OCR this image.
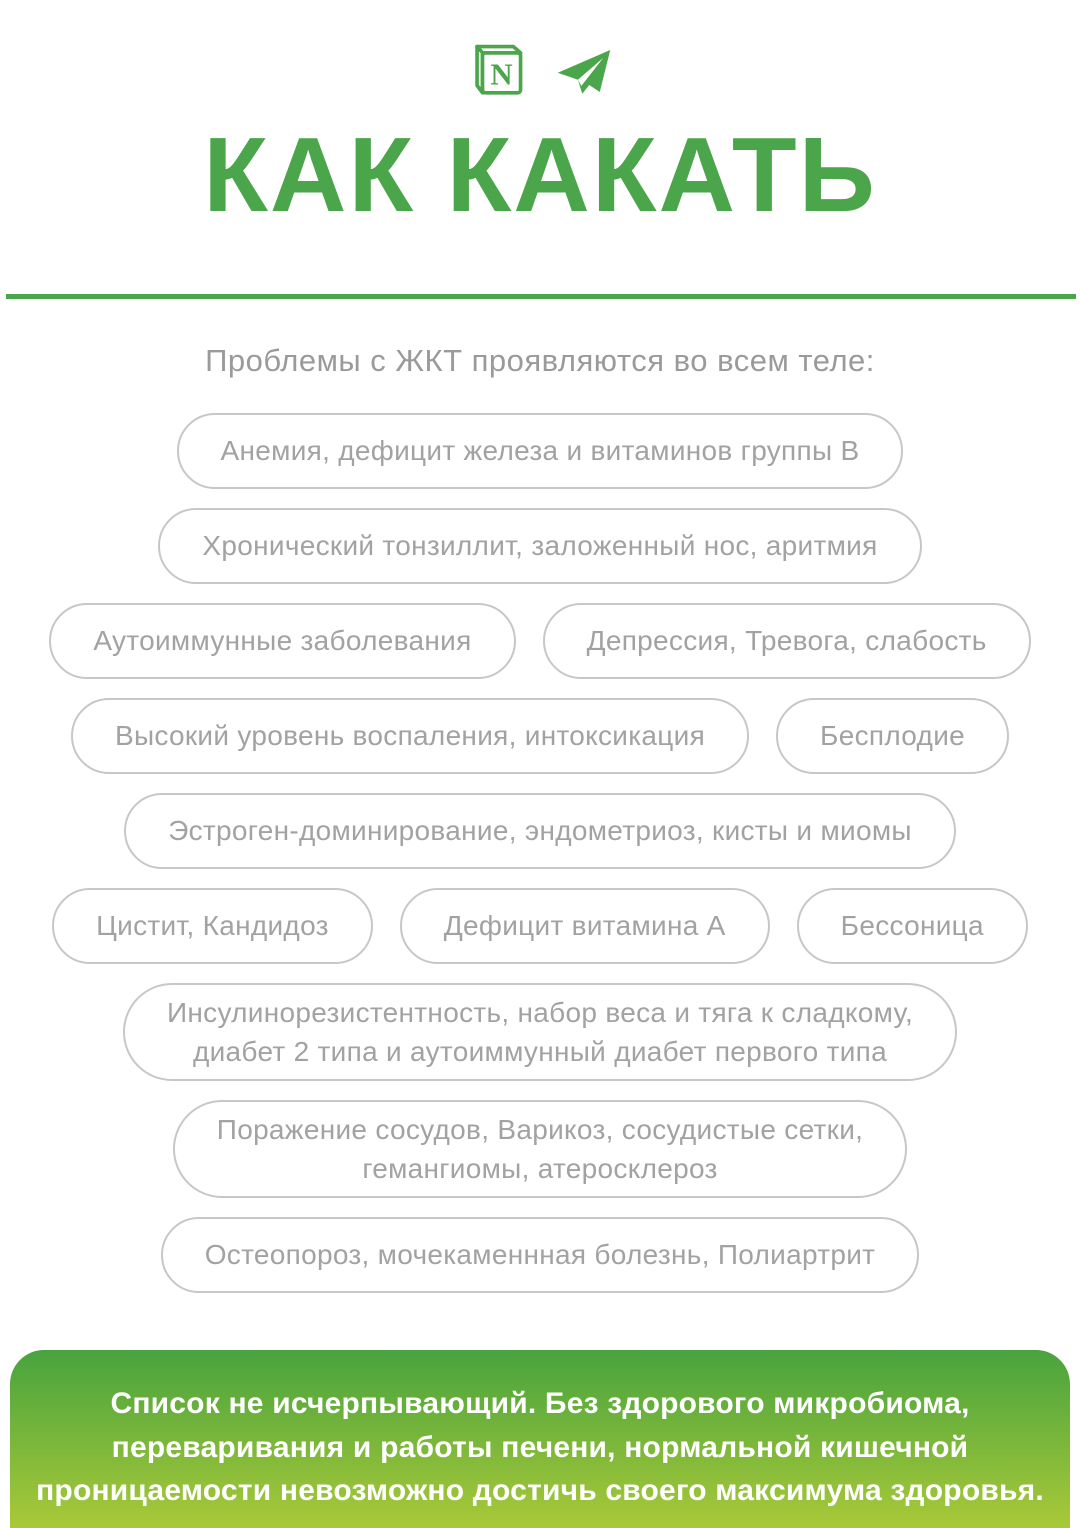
N
КАК КАКАТЬ
Проблемы с ЖКТ проявляются во всем теле:
Анемия, дефицит железа и витаминов группы B
Хронический тонзиллит, заложенный нос, аритмия
Аутоиммунные заболевания	Депрессия, Тревога, слабость
Высокий уровень воспаления, интоксикация	Бесплодие
Эстроген-доминирование, эндометриоз, кисты и миомы
Цистит, Кандидоз	Дефицит витамина А	Бессоница
Инсулинорезистентность, набор веса и тяга к сладкому,
диабет 2 типа и аутоиммунный диабет первого типа
Поражение сосудов, Варикоз, сосудистые сетки,
гемангиомы, атеросклероз
Остеопороз, мочекаменнная болезнь, Полиартрит
Список не исчерпывающий. Без здорового микробиома,
переваривания и работы печени, нормальной кишечной
проницаемости невозможно достичь своего максимума здоровья.
